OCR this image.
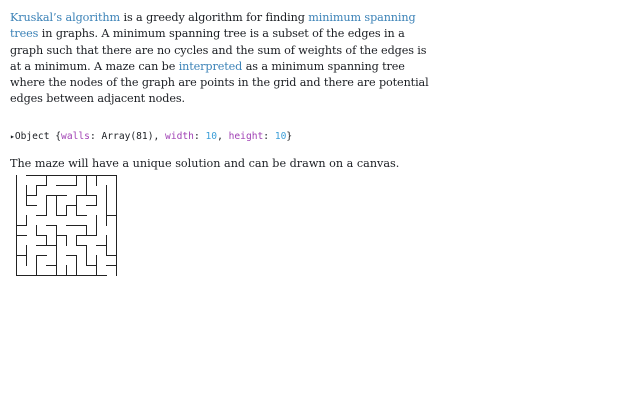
Kruskal’s algorithm is a greedy algorithm for finding minimum spanning trees in graphs. A minimum spanning tree is a subset of the edges in a graph such that there are no cycles and the sum of weights of the edges is at a minimum. A maze can be interpreted as a minimum spanning tree where the nodes of the graph are points in the grid and there are potential edges between adjacent nodes.

▸Object {walls: Array(81), width: 10, height: 10}

The maze will have a unique solution and can be drawn on a canvas.
